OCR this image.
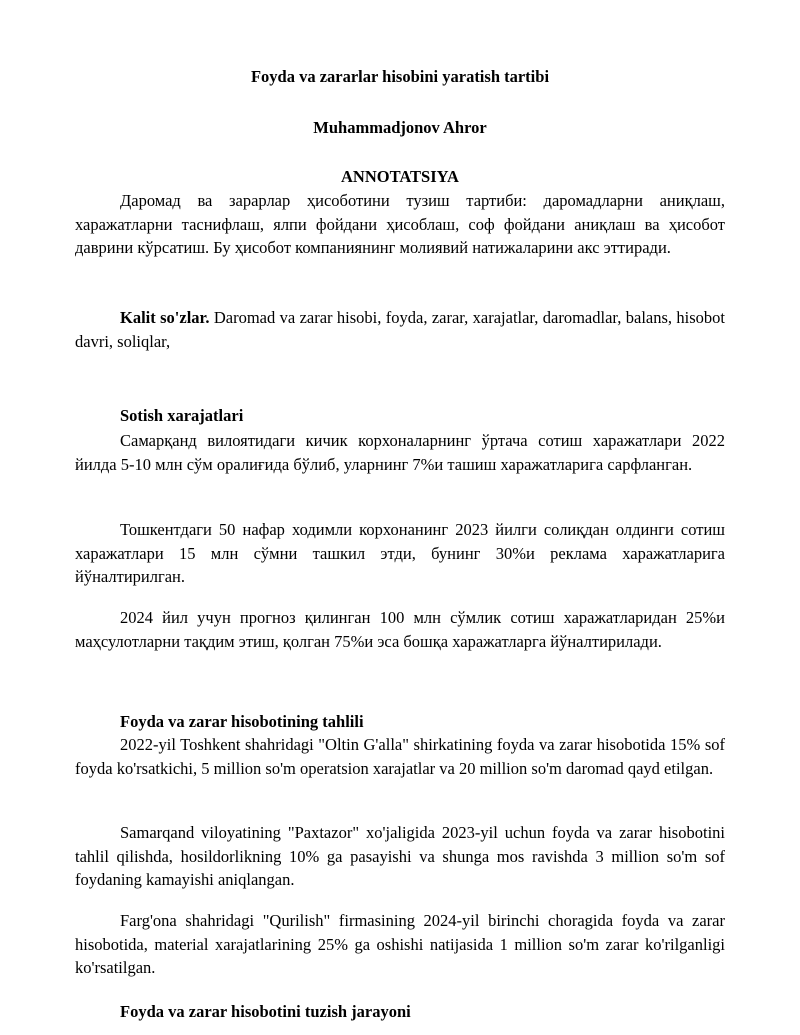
Foyda va zararlar hisobini yaratish tartibi
Muhammadjonov Ahror
ANNOTATSIYA
Даромад ва зарарлар ҳисоботини тузиш тартиби: даромадларни аниқлаш, харажатларни таснифлаш, ялпи фойдани ҳисоблаш, соф фойдани аниқлаш ва ҳисобот даврини кўрсатиш. Бу ҳисобот компаниянинг молиявий натижаларини акс эттиради.
Kalit so'zlar. Daromad va zarar hisobi, foyda, zarar, xarajatlar, daromadlar, balans, hisobot davri, soliqlar,
Sotish xarajatlari
Самарқанд вилоятидаги кичик корхоналарнинг ўртача сотиш харажатлари 2022 йилда 5-10 млн сўм оралиғида бўлиб, уларнинг 7%и ташиш харажатларига сарфланган.
Тошкентдаги 50 нафар ходимли корхонанинг 2023 йилги солиқдан олдинги сотиш харажатлари 15 млн сўмни ташкил этди, бунинг 30%и реклама харажатларига йўналтирилган.
2024 йил учун прогноз қилинган 100 млн сўмлик сотиш харажатларидан 25%и маҳсулотларни тақдим этиш, қолган 75%и эса бошқа харажатларга йўналтирилади.
Foyda va zarar hisobotining tahlili
2022-yil Toshkent shahridagi "Oltin G'alla" shirkatining foyda va zarar hisobotida 15% sof foyda ko'rsatkichi, 5 million so'm operatsion xarajatlar va 20 million so'm daromad qayd etilgan.
Samarqand viloyatining "Paxtazor" xo'jaligida 2023-yil uchun foyda va zarar hisobotini tahlil qilishda, hosildorlikning 10% ga pasayishi va shunga mos ravishda 3 million so'm sof foydaning kamayishi aniqlangan.
Farg'ona shahridagi "Qurilish" firmasining 2024-yil birinchi choragida foyda va zarar hisobotida, material xarajatlarining 25% ga oshishi natijasida 1 million so'm zarar ko'rilganligi ko'rsatilgan.
Foyda va zarar hisobotini tuzish jarayoni
